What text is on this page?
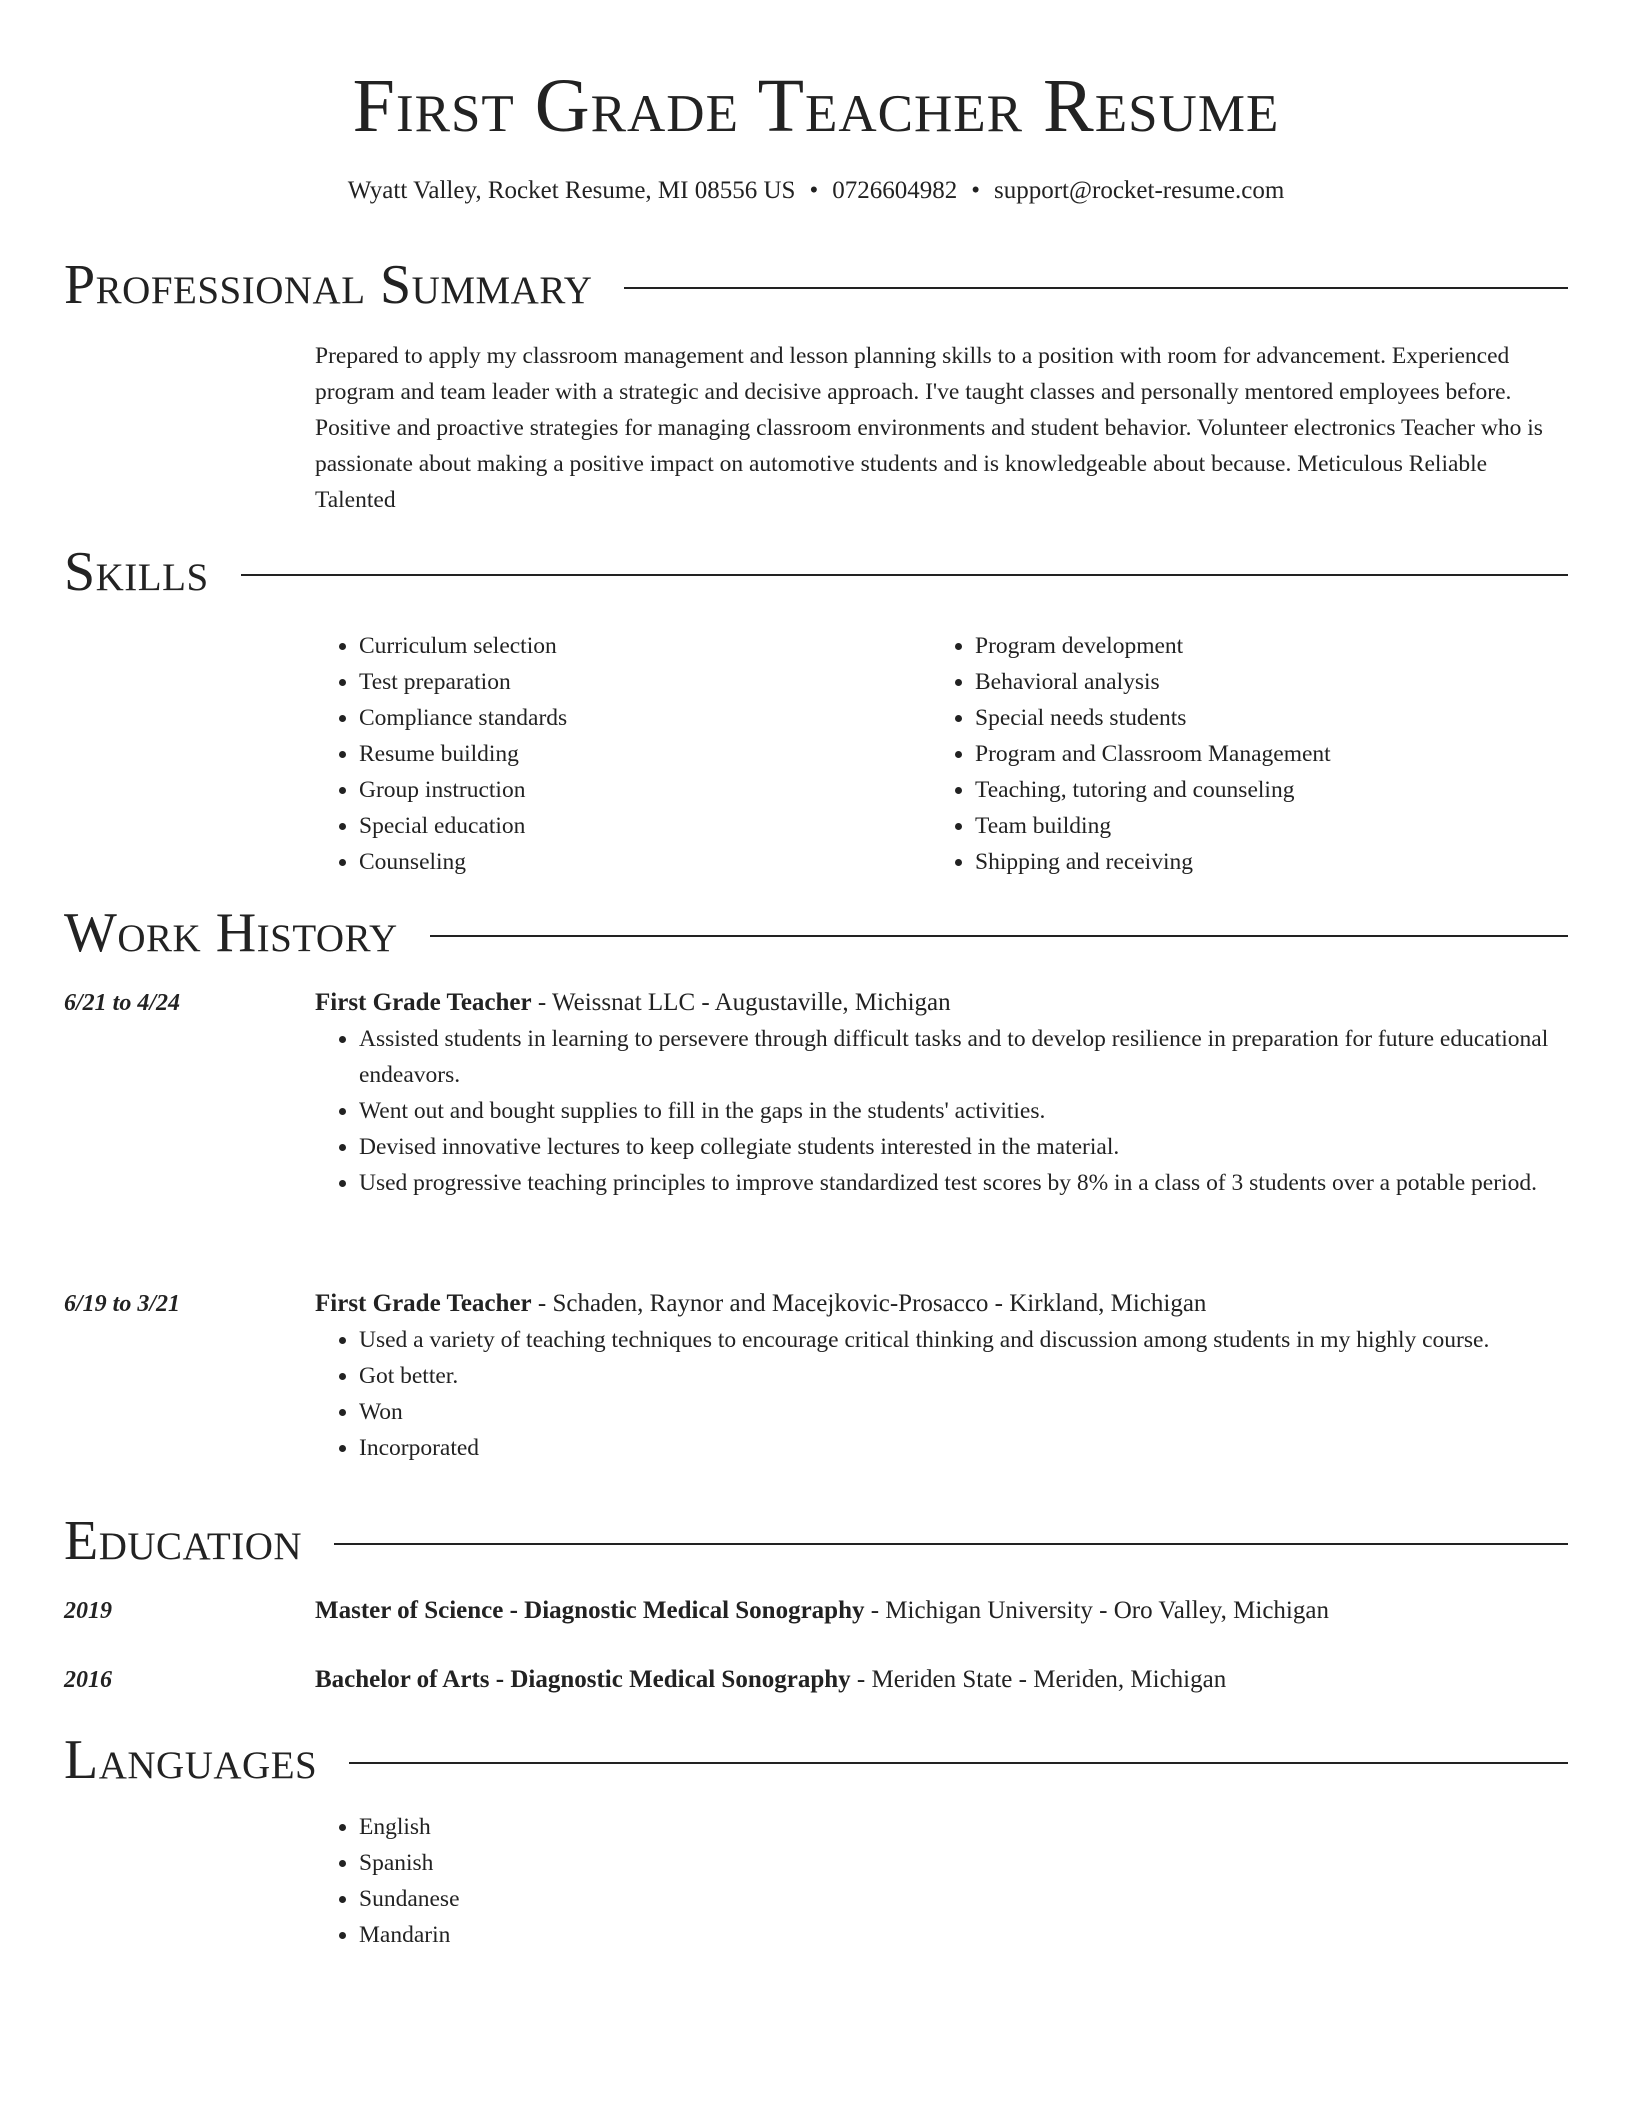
First Grade Teacher Resume
Wyatt Valley, Rocket Resume, MI 08556 US • 0726604982 • support@rocket-resume.com
Professional Summary
Prepared to apply my classroom management and lesson planning skills to a position with room for advancement. Experienced program and team leader with a strategic and decisive approach. I've taught classes and personally mentored employees before. Positive and proactive strategies for managing classroom environments and student behavior. Volunteer electronics Teacher who is passionate about making a positive impact on automotive students and is knowledgeable about because. Meticulous Reliable Talented
Skills
• Curriculum selection
• Test preparation
• Compliance standards
• Resume building
• Group instruction
• Special education
• Counseling
• Program development
• Behavioral analysis
• Special needs students
• Program and Classroom Management
• Teaching, tutoring and counseling
• Team building
• Shipping and receiving
Work History
6/21 to 4/24	First Grade Teacher - Weissnat LLC - Augustaville, Michigan
• Assisted students in learning to persevere through difficult tasks and to develop resilience in preparation for future educational endeavors.
• Went out and bought supplies to fill in the gaps in the students' activities.
• Devised innovative lectures to keep collegiate students interested in the material.
• Used progressive teaching principles to improve standardized test scores by 8% in a class of 3 students over a potable period.
6/19 to 3/21	First Grade Teacher - Schaden, Raynor and Macejkovic-Prosacco - Kirkland, Michigan
• Used a variety of teaching techniques to encourage critical thinking and discussion among students in my highly course.
• Got better.
• Won
• Incorporated
Education
2019	Master of Science - Diagnostic Medical Sonography - Michigan University - Oro Valley, Michigan
2016	Bachelor of Arts - Diagnostic Medical Sonography - Meriden State - Meriden, Michigan
Languages
• English
• Spanish
• Sundanese
• Mandarin
